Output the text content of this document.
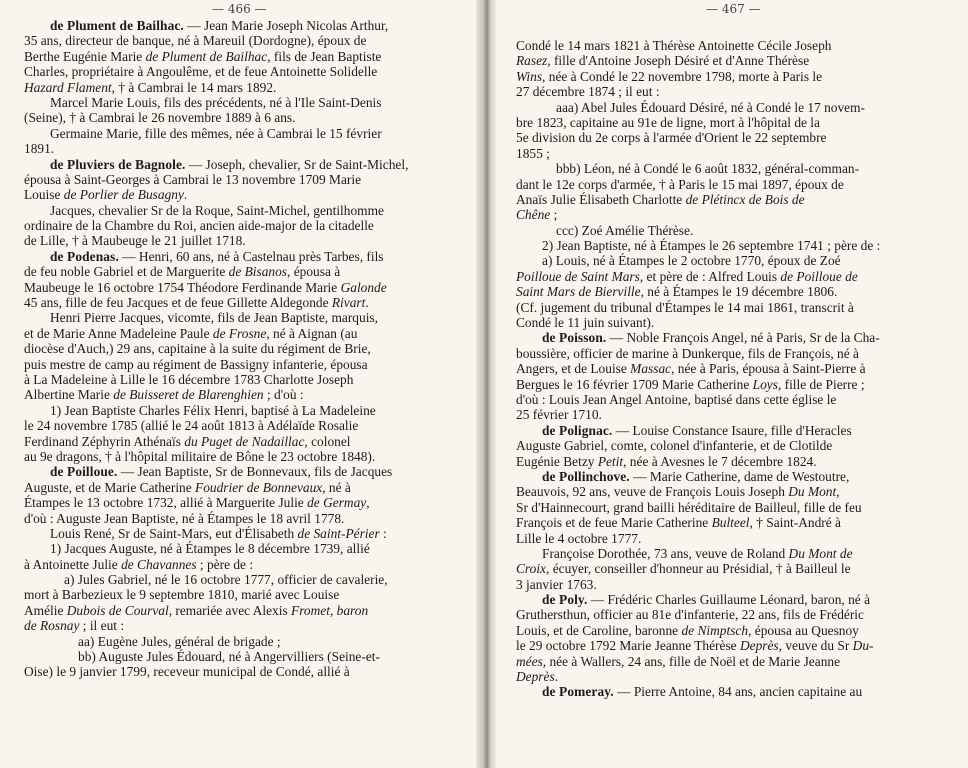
— 466 —
de Plument de Bailhac. — Jean Marie Joseph Nicolas Arthur,
35 ans, directeur de banque, né à Mareuil (Dordogne), époux de
Berthe Eugénie Marie de Plument de Bailhac, fils de Jean Baptiste
Charles, propriétaire à Angoulême, et de feue Antoinette Solidelle
Hazard Flament, † à Cambrai le 14 mars 1892.
Marcel Marie Louis, fils des précédents, né à l'Ile Saint-Denis
(Seine), † à Cambrai le 26 novembre 1889 à 6 ans.
Germaine Marie, fille des mêmes, née à Cambrai le 15 février
1891.
de Pluviers de Bagnole. — Joseph, chevalier, Sr de Saint-Michel,
épousa à Saint-Georges à Cambrai le 13 novembre 1709 Marie
Louise de Porlier de Busagny.
Jacques, chevalier Sr de la Roque, Saint-Michel, gentilhomme
ordinaire de la Chambre du Roi, ancien aide-major de la citadelle
de Lille, † à Maubeuge le 21 juillet 1718.
de Podenas. — Henri, 60 ans, né à Castelnau près Tarbes, fils
de feu noble Gabriel et de Marguerite de Bisanos, épousa à
Maubeuge le 16 octobre 1754 Théodore Ferdinande Marie Galonde
45 ans, fille de feu Jacques et de feue Gillette Aldegonde Rivart.
Henri Pierre Jacques, vicomte, fils de Jean Baptiste, marquis,
et de Marie Anne Madeleine Paule de Frosne, né à Aignan (au
diocèse d'Auch,) 29 ans, capitaine à la suite du régiment de Brie,
puis mestre de camp au régiment de Bassigny infanterie, épousa
à La Madeleine à Lille le 16 décembre 1783 Charlotte Joseph
Albertine Marie de Buisseret de Blarenghien ; d'où :
1) Jean Baptiste Charles Félix Henri, baptisé à La Madeleine
le 24 novembre 1785 (allié le 24 août 1813 à Adélaïde Rosalie
Ferdinand Zéphyrin Athénaïs du Puget de Nadaillac, colonel
au 9e dragons, † à l'hôpital militaire de Bône le 23 octobre 1848).
de Poilloue. — Jean Baptiste, Sr de Bonnevaux, fils de Jacques
Auguste, et de Marie Catherine Foudrier de Bonnevaux, né à
Étampes le 13 octobre 1732, allié à Marguerite Julie de Germay,
d'où : Auguste Jean Baptiste, né à Étampes le 18 avril 1778.
Louis René, Sr de Saint-Mars, eut d'Élisabeth de Saint-Périer :
1) Jacques Auguste, né à Étampes le 8 décembre 1739, allié
à Antoinette Julie de Chavannes ; père de :
a) Jules Gabriel, né le 16 octobre 1777, officier de cavalerie,
mort à Barbezieux le 9 septembre 1810, marié avec Louise
Amélie Dubois de Courval, remariée avec Alexis Fromet, baron
de Rosnay ; il eut :
aa) Eugène Jules, général de brigade ;
bb) Auguste Jules Édouard, né à Angervilliers (Seine-et-
Oise) le 9 janvier 1799, receveur municipal de Condé, allié à
— 467 —
Condé le 14 mars 1821 à Thérèse Antoinette Cécile Joseph
Rasez, fille d'Antoine Joseph Désiré et d'Anne Thérèse
Wins, née à Condé le 22 novembre 1798, morte à Paris le
27 décembre 1874 ; il eut :
aaa) Abel Jules Édouard Désiré, né à Condé le 17 novem-
bre 1823, capitaine au 91e de ligne, mort à l'hôpital de la
5e division du 2e corps à l'armée d'Orient le 22 septembre
1855 ;
bbb) Léon, né à Condé le 6 août 1832, général-comman-
dant le 12e corps d'armée, † à Paris le 15 mai 1897, époux de
Anaïs Julie Élisabeth Charlotte de Plétincx de Bois de
Chêne ;
ccc) Zoé Amélie Thérèse.
2) Jean Baptiste, né à Étampes le 26 septembre 1741 ; père de :
a) Louis, né à Étampes le 2 octobre 1770, époux de Zoé
Poilloue de Saint Mars, et père de : Alfred Louis de Poilloue de
Saint Mars de Bierville, né à Étampes le 19 décembre 1806.
(Cf. jugement du tribunal d'Étampes le 14 mai 1861, transcrit à
Condé le 11 juin suivant).
de Poisson. — Noble François Angel, né à Paris, Sr de la Cha-
boussière, officier de marine à Dunkerque, fils de François, né à
Angers, et de Louise Massac, née à Paris, épousa à Saint-Pierre à
Bergues le 16 février 1709 Marie Catherine Loys, fille de Pierre ;
d'où : Louis Jean Angel Antoine, baptisé dans cette église le
25 février 1710.
de Polignac. — Louise Constance Isaure, fille d'Heracles
Auguste Gabriel, comte, colonel d'infanterie, et de Clotilde
Eugénie Betzy Petit, née à Avesnes le 7 décembre 1824.
de Pollinchove. — Marie Catherine, dame de Westoutre,
Beauvois, 92 ans, veuve de François Louis Joseph Du Mont,
Sr d'Hainnecourt, grand bailli héréditaire de Bailleul, fille de feu
François et de feue Marie Catherine Bulteel, † Saint-André à
Lille le 4 octobre 1777.
Françoise Dorothée, 73 ans, veuve de Roland Du Mont de
Croix, écuyer, conseiller d'honneur au Présidial, † à Bailleul le
3 janvier 1763.
de Poly. — Frédéric Charles Guillaume Léonard, baron, né à
Gruthersthun, officier au 81e d'infanterie, 22 ans, fils de Frédéric
Louis, et de Caroline, baronne de Nimptsch, épousa au Quesnoy
le 29 octobre 1792 Marie Jeanne Thérèse Deprès, veuve du Sr Du-
mées, née à Wallers, 24 ans, fille de Noël et de Marie Jeanne
Deprès.
de Pomeray. — Pierre Antoine, 84 ans, ancien capitaine au
